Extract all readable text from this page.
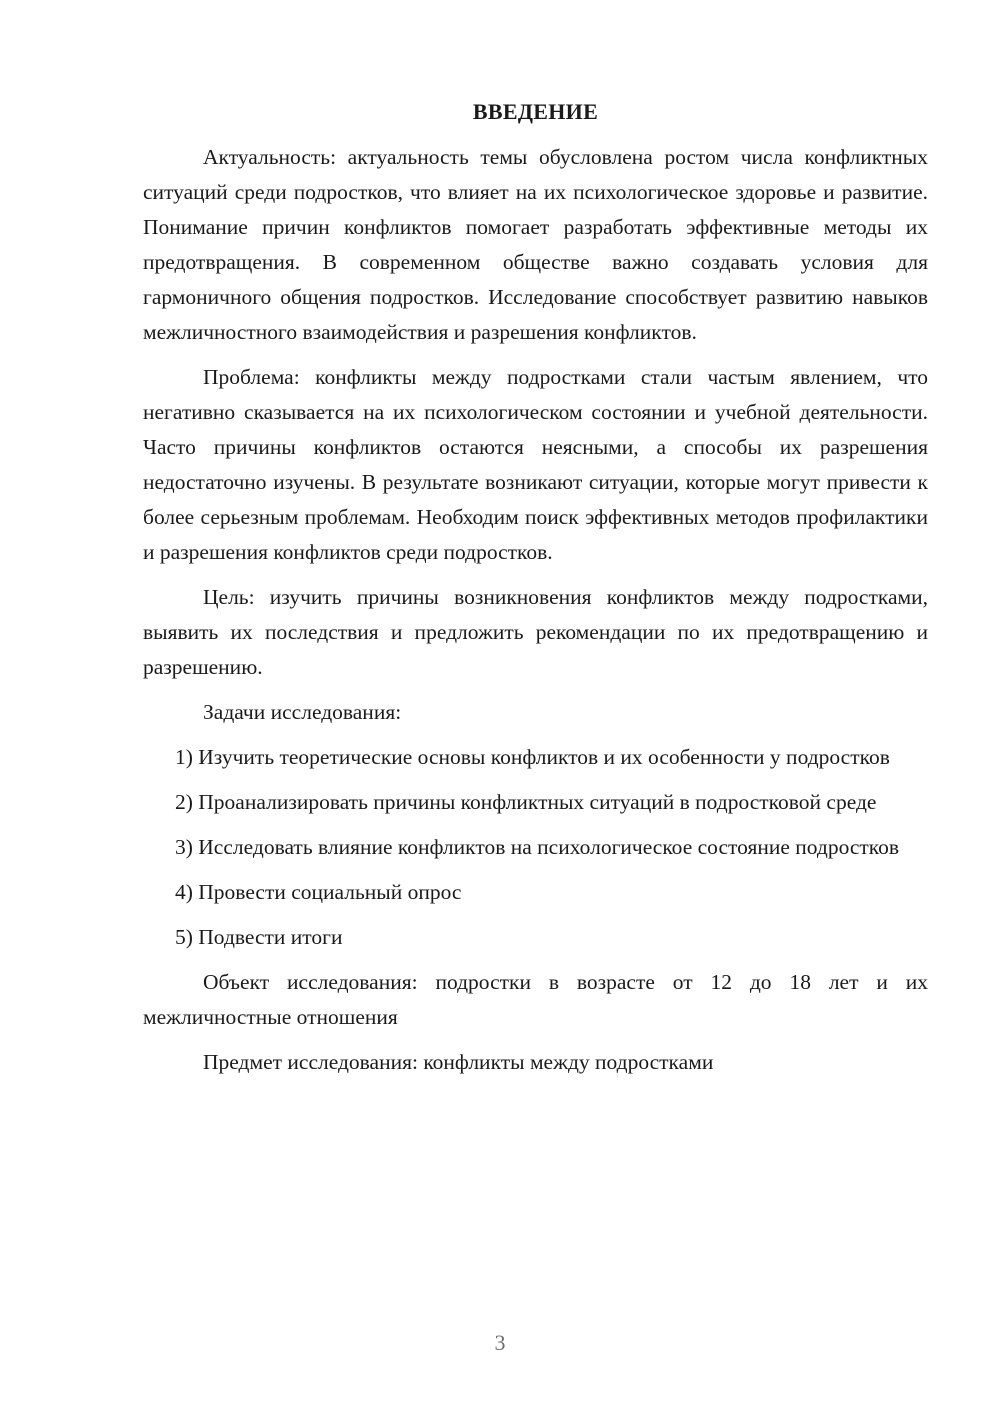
ВВЕДЕНИЕ

Актуальность: актуальность темы обусловлена ростом числа конфликтных ситуаций среди подростков, что влияет на их психологическое здоровье и развитие. Понимание причин конфликтов помогает разработать эффективные методы их предотвращения. В современном обществе важно создавать условия для гармоничного общения подростков. Исследование способствует развитию навыков межличностного взаимодействия и разрешения конфликтов.

Проблема: конфликты между подростками стали частым явлением, что негативно сказывается на их психологическом состоянии и учебной деятельности. Часто причины конфликтов остаются неясными, а способы их разрешения недостаточно изучены. В результате возникают ситуации, которые могут привести к более серьезным проблемам. Необходим поиск эффективных методов профилактики и разрешения конфликтов среди подростков.

Цель: изучить причины возникновения конфликтов между подростками, выявить их последствия и предложить рекомендации по их предотвращению и разрешению.

Задачи исследования:

1) Изучить теоретические основы конфликтов и их особенности у подростков

2) Проанализировать причины конфликтных ситуаций в подростковой среде

3) Исследовать влияние конфликтов на психологическое состояние подростков

4) Провести социальный опрос

5) Подвести итоги

Объект исследования: подростки в возрасте от 12 до 18 лет и их межличностные отношения

Предмет исследования: конфликты между подростками

3
